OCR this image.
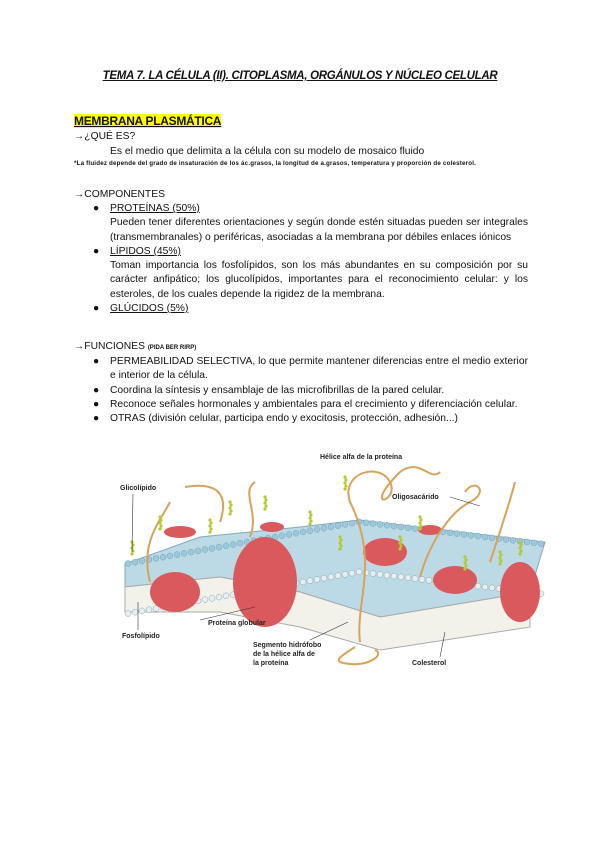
TEMA 7. LA CÉLULA (II). CITOPLASMA, ORGÁNULOS Y NÚCLEO CELULAR
MEMBRANA PLASMÁTICA
→¿QUÉ ES?
Es el medio que delimita a la célula con su modelo de mosaico fluido
*La fluidez depende del grado de insaturación de los ác.grasos, la longitud de a.grasos, temperatura y proporción de colesterol.
→COMPONENTES
● PROTEÍNAS (50%)
Pueden tener diferentes orientaciones y según donde estén situadas pueden ser integrales (transmembranales) o periféricas, asociadas a la membrana por débiles enlaces iónicos
● LÍPIDOS (45%)
Toman importancia los fosfolípidos, son los más abundantes en su composición por su carácter anfipático; los glucolípidos, importantes para el reconocimiento celular: y los esteroles, de los cuales depende la rigidez de la membrana.
● GLÚCIDOS (5%)
→FUNCIONES (PIDA BER RIRP)
● PERMEABILIDAD SELECTIVA, lo que permite mantener diferencias entre el medio exterior e interior de la célula.
● Coordina la síntesis y ensamblaje de las microfibrillas de la pared celular.
● Reconoce señales hormonales y ambientales para el crecimiento y diferenciación celular.
● OTRAS (división celular, participa endo y exocitosis, protección, adhesión...)
Glicolípido
Fosfolípido
Proteína globular
Hélice alfa de la proteína
Oligosacárido
Segmento hidrófobo
de la hélice alfa de
la proteína	Colesterol
